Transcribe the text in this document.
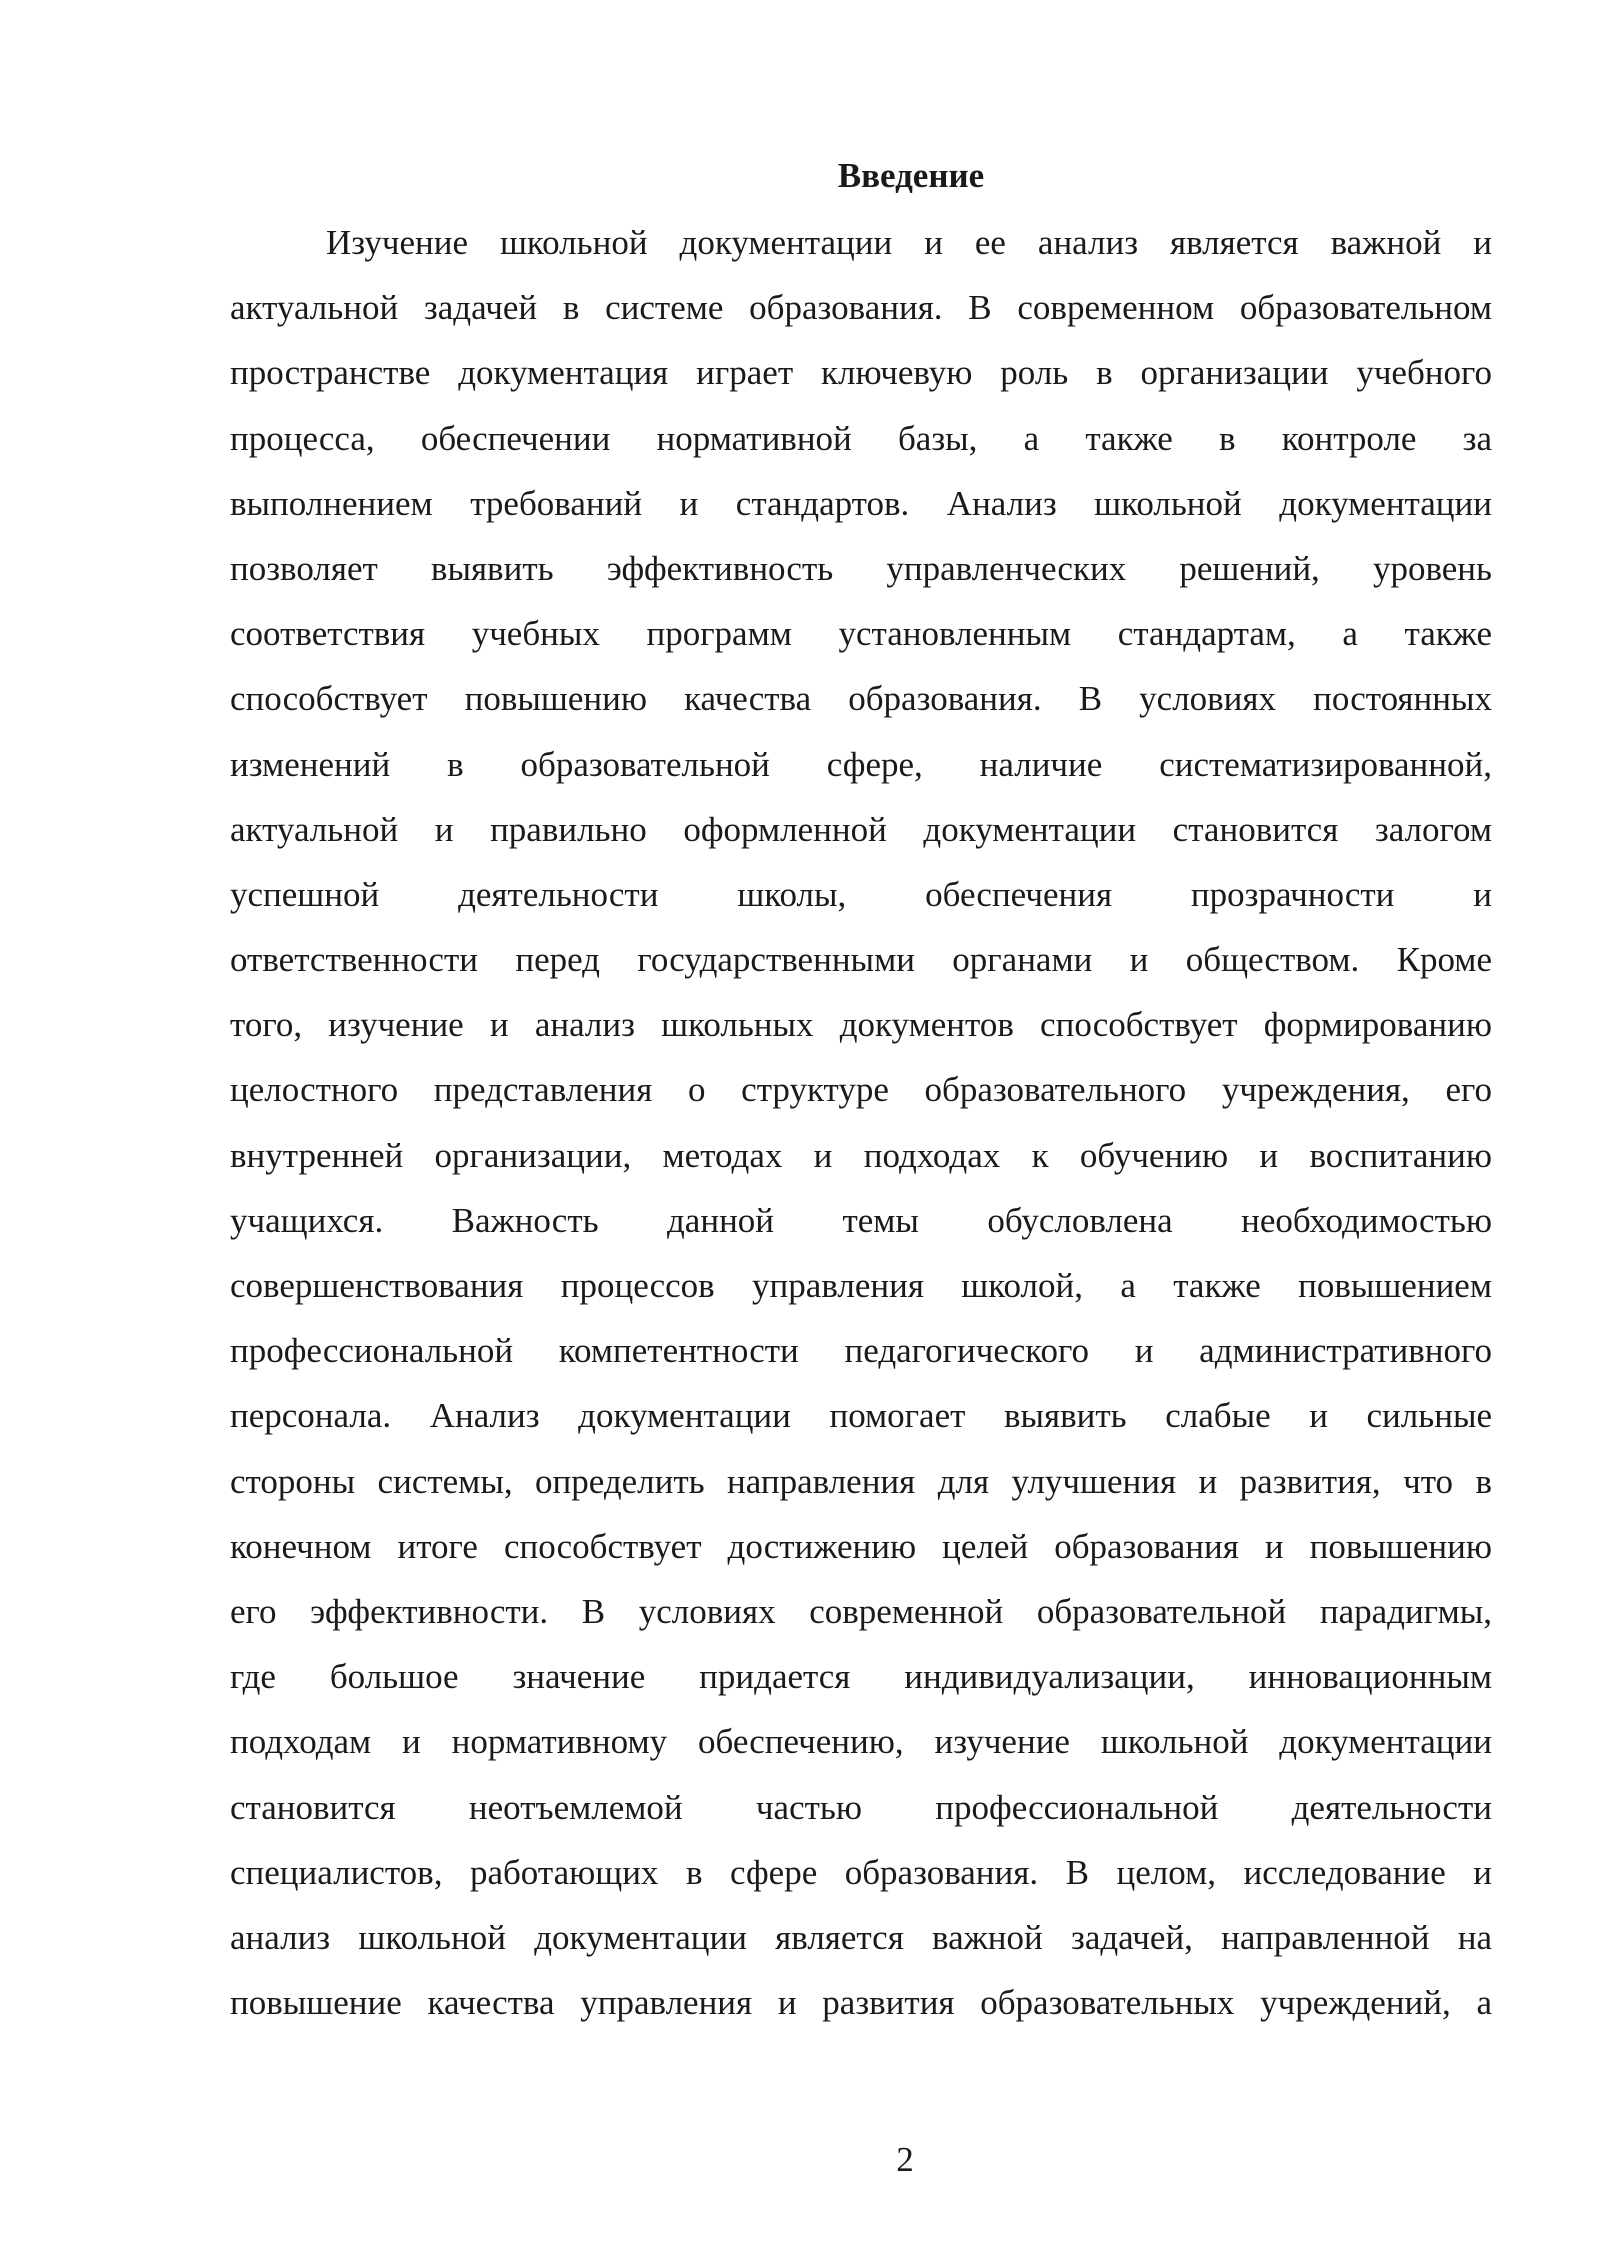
Введение
Изучение школьной документации и ее анализ является важной и
актуальной задачей в системе образования. В современном образовательном
пространстве документация играет ключевую роль в организации учебного
процесса, обеспечении нормативной базы, а также в контроле за
выполнением требований и стандартов. Анализ школьной документации
позволяет выявить эффективность управленческих решений, уровень
соответствия учебных программ установленным стандартам, а также
способствует повышению качества образования. В условиях постоянных
изменений в образовательной сфере, наличие систематизированной,
актуальной и правильно оформленной документации становится залогом
успешной деятельности школы, обеспечения прозрачности и
ответственности перед государственными органами и обществом. Кроме
того, изучение и анализ школьных документов способствует формированию
целостного представления о структуре образовательного учреждения, его
внутренней организации, методах и подходах к обучению и воспитанию
учащихся. Важность данной темы обусловлена необходимостью
совершенствования процессов управления школой, а также повышением
профессиональной компетентности педагогического и административного
персонала. Анализ документации помогает выявить слабые и сильные
стороны системы, определить направления для улучшения и развития, что в
конечном итоге способствует достижению целей образования и повышению
его эффективности. В условиях современной образовательной парадигмы,
где большое значение придается индивидуализации, инновационным
подходам и нормативному обеспечению, изучение школьной документации
становится неотъемлемой частью профессиональной деятельности
специалистов, работающих в сфере образования. В целом, исследование и
анализ школьной документации является важной задачей, направленной на
повышение качества управления и развития образовательных учреждений, а
2
